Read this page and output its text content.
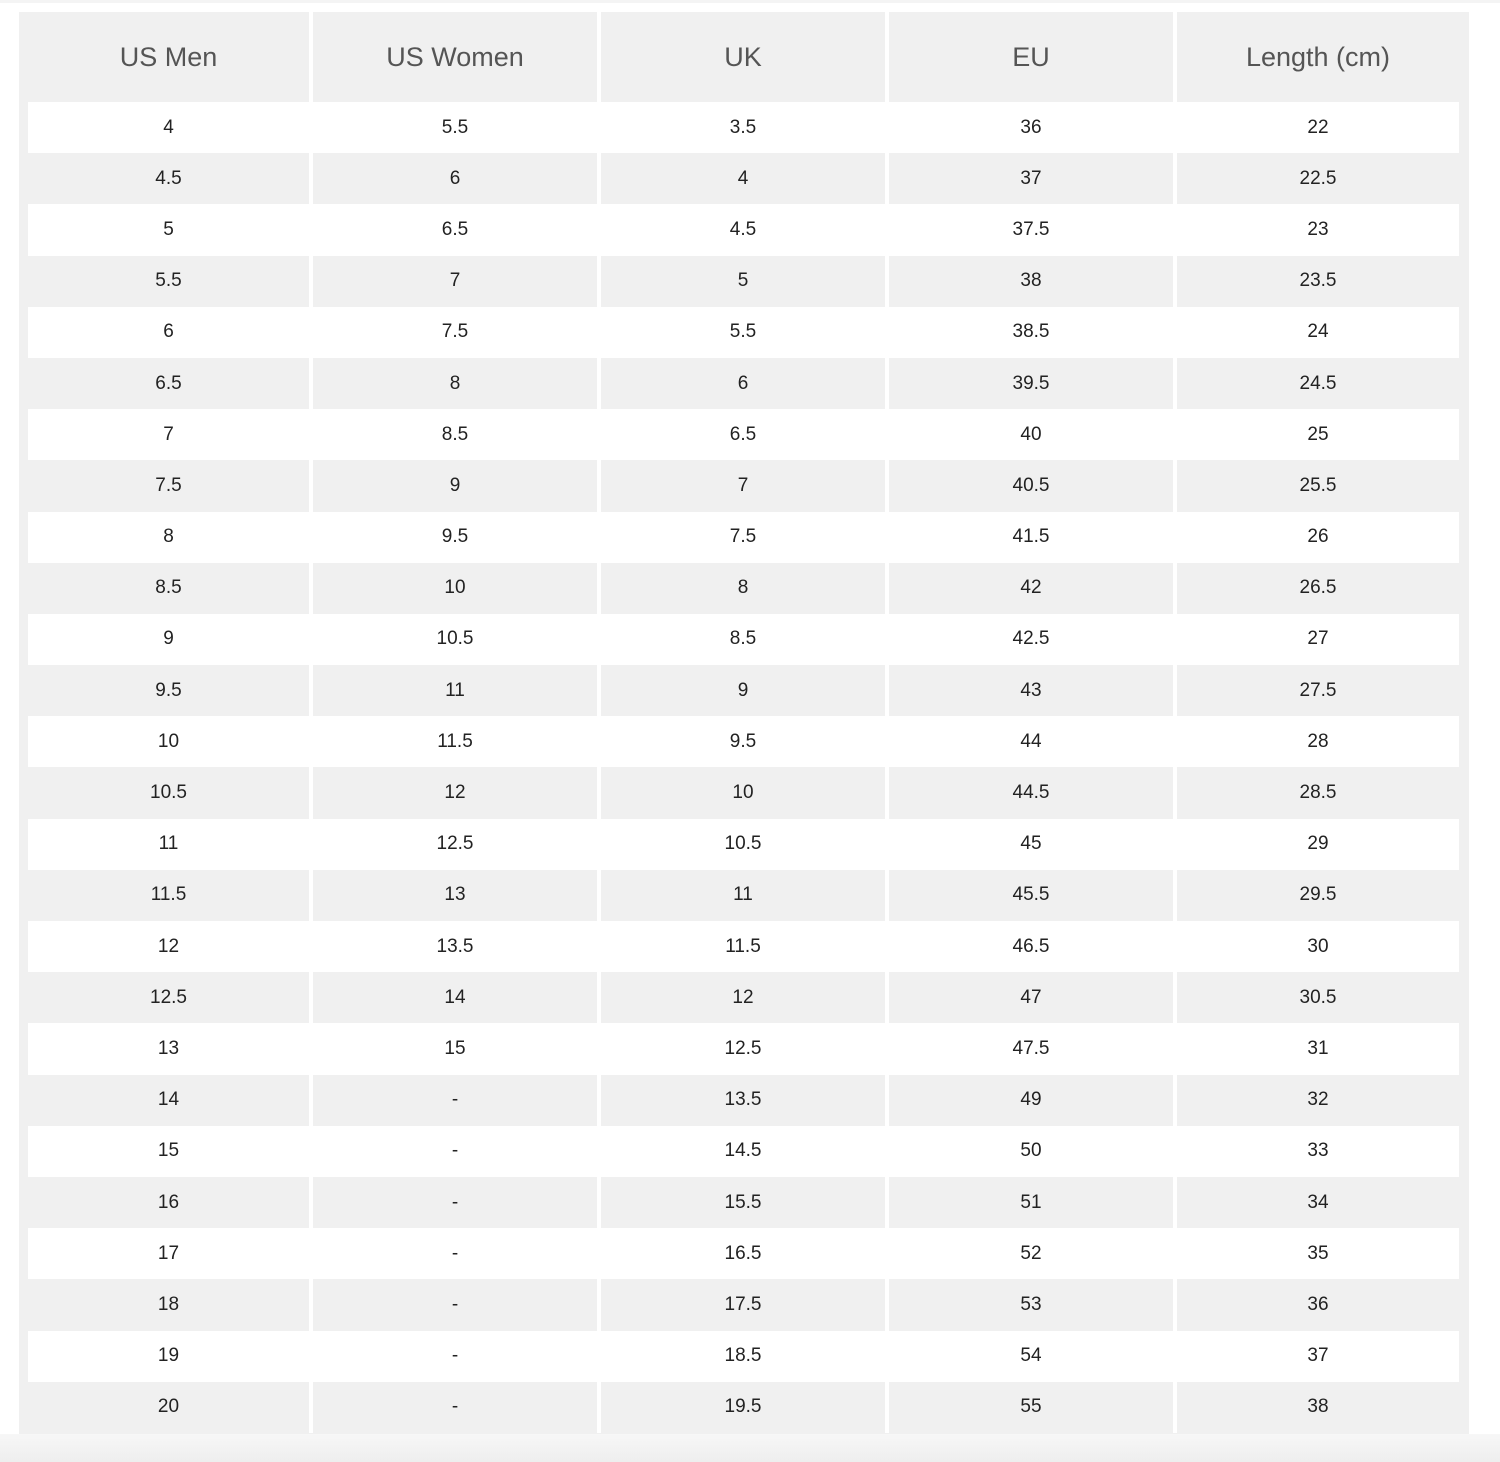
US Men	US Women	UK	EU	Length (cm)
4	5.5	3.5	36	22
4.5	6	4	37	22.5
5	6.5	4.5	37.5	23
5.5	7	5	38	23.5
6	7.5	5.5	38.5	24
6.5	8	6	39.5	24.5
7	8.5	6.5	40	25
7.5	9	7	40.5	25.5
8	9.5	7.5	41.5	26
8.5	10	8	42	26.5
9	10.5	8.5	42.5	27
9.5	11	9	43	27.5
10	11.5	9.5	44	28
10.5	12	10	44.5	28.5
11	12.5	10.5	45	29
11.5	13	11	45.5	29.5
12	13.5	11.5	46.5	30
12.5	14	12	47	30.5
13	15	12.5	47.5	31
14	-	13.5	49	32
15	-	14.5	50	33
16	-	15.5	51	34
17	-	16.5	52	35
18	-	17.5	53	36
19	-	18.5	54	37
20	-	19.5	55	38
